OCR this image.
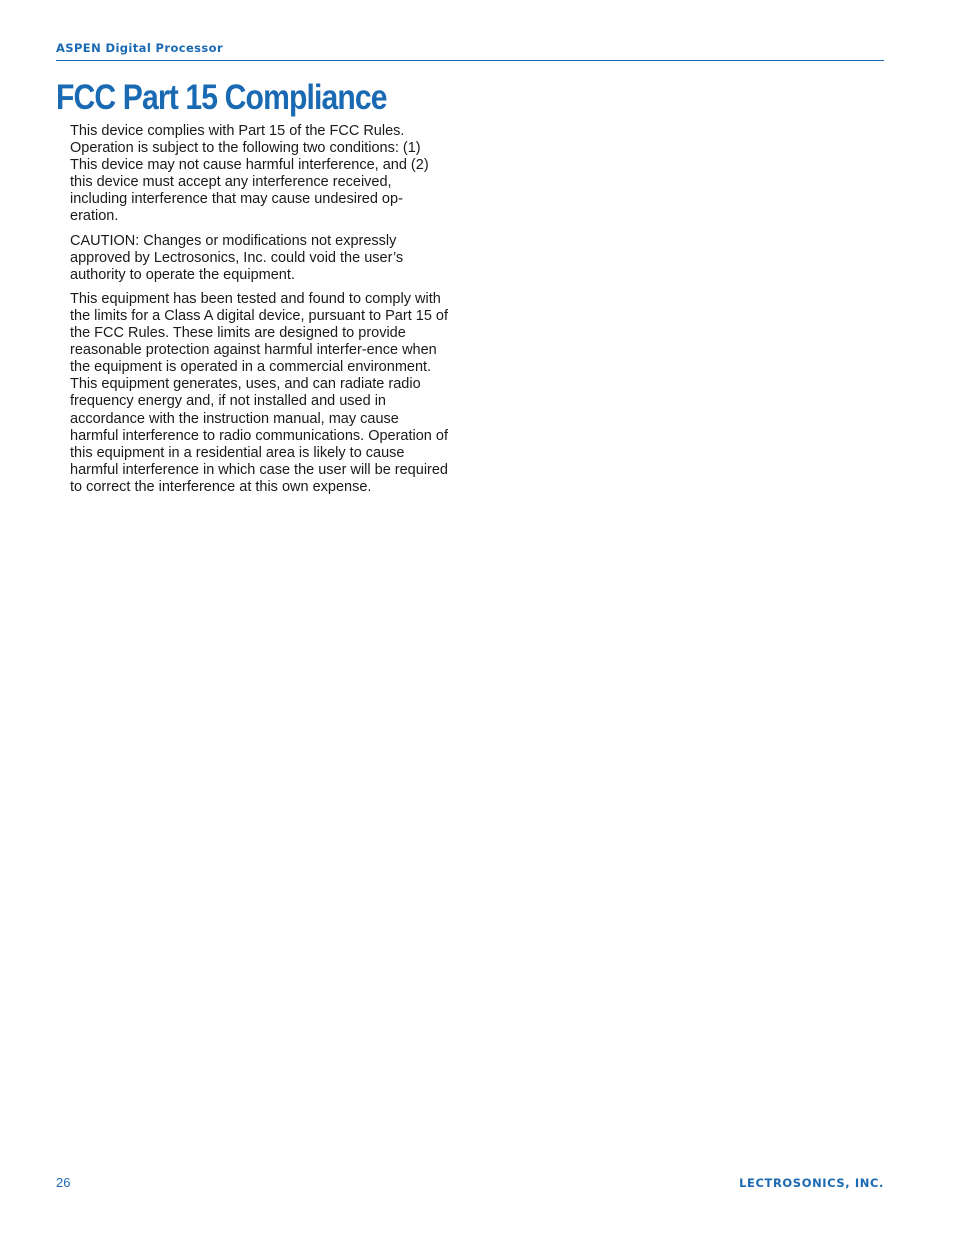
ASPEN Digital Processor
FCC Part 15 Compliance

This device complies with Part 15 of the FCC Rules. Operation is subject to the following two conditions: (1) This device may not cause harmful interference, and (2) this device must accept any interference received, including interference that may cause undesired op-eration.

CAUTION: Changes or modifications not expressly approved by Lectrosonics, Inc. could void the user’s authority to operate the equipment.

This equipment has been tested and found to comply with the limits for a Class A digital device, pursuant to Part 15 of the FCC Rules. These limits are designed to provide reasonable protection against harmful interfer-ence when the equipment is operated in a commercial environment. This equipment generates, uses, and can radiate radio frequency energy and, if not installed and used in accordance with the instruction manual, may cause harmful interference to radio communications. Operation of this equipment in a residential area is likely to cause harmful interference in which case the user will be required to correct the interference at this own expense.

26	LECTROSONICS, INC.
